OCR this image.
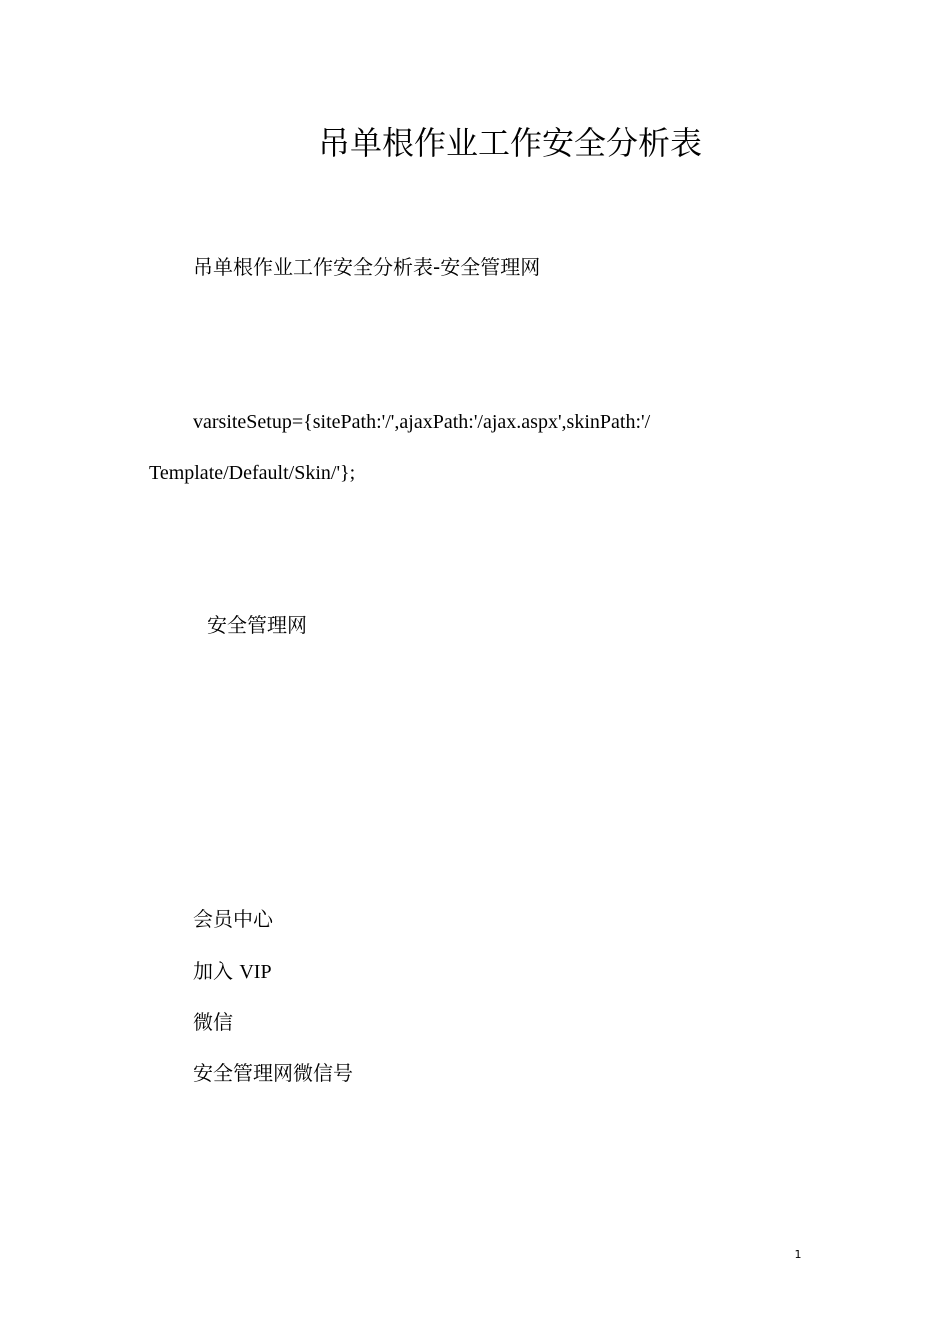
吊单根作业工作安全分析表
吊单根作业工作安全分析表-安全管理网
varsiteSetup={sitePath:'/',ajaxPath:'/ajax.aspx',skinPath:'/
Template/Default/Skin/'};
安全管理网
会员中心
加入 VIP
微信
安全管理网微信号
1
